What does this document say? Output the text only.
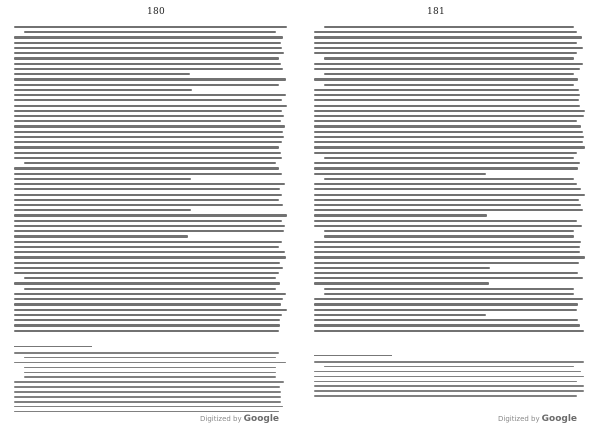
180
Digitized by Google
181
Digitized by Google
